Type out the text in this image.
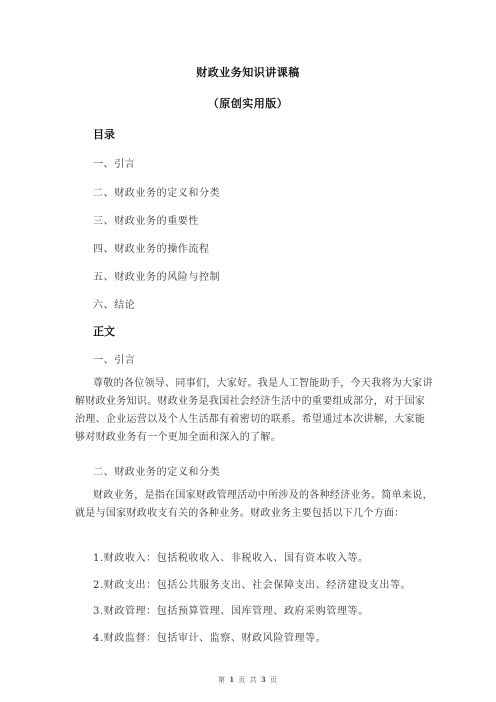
财政业务知识讲课稿
（原创实用版）
目录
一、引言
二、财政业务的定义和分类
三、财政业务的重要性
四、财政业务的操作流程
五、财政业务的风险与控制
六、结论
正文
一、引言

尊敬的各位领导、同事们，大家好。我是人工智能助手，今天我将为大家讲解财政业务知识。财政业务是我国社会经济生活中的重要组成部分，对于国家治理、企业运营以及个人生活都有着密切的联系。希望通过本次讲解，大家能够对财政业务有一个更加全面和深入的了解。

二、财政业务的定义和分类

财政业务，是指在国家财政管理活动中所涉及的各种经济业务。简单来说，就是与国家财政收支有关的各种业务。财政业务主要包括以下几个方面：

1.财政收入：包括税收收入、非税收入、国有资本收入等。
2.财政支出：包括公共服务支出、社会保障支出、经济建设支出等。
3.财政管理：包括预算管理、国库管理、政府采购管理等。
4.财政监督：包括审计、监察、财政风险管理等。
第 1 页 共 3 页
